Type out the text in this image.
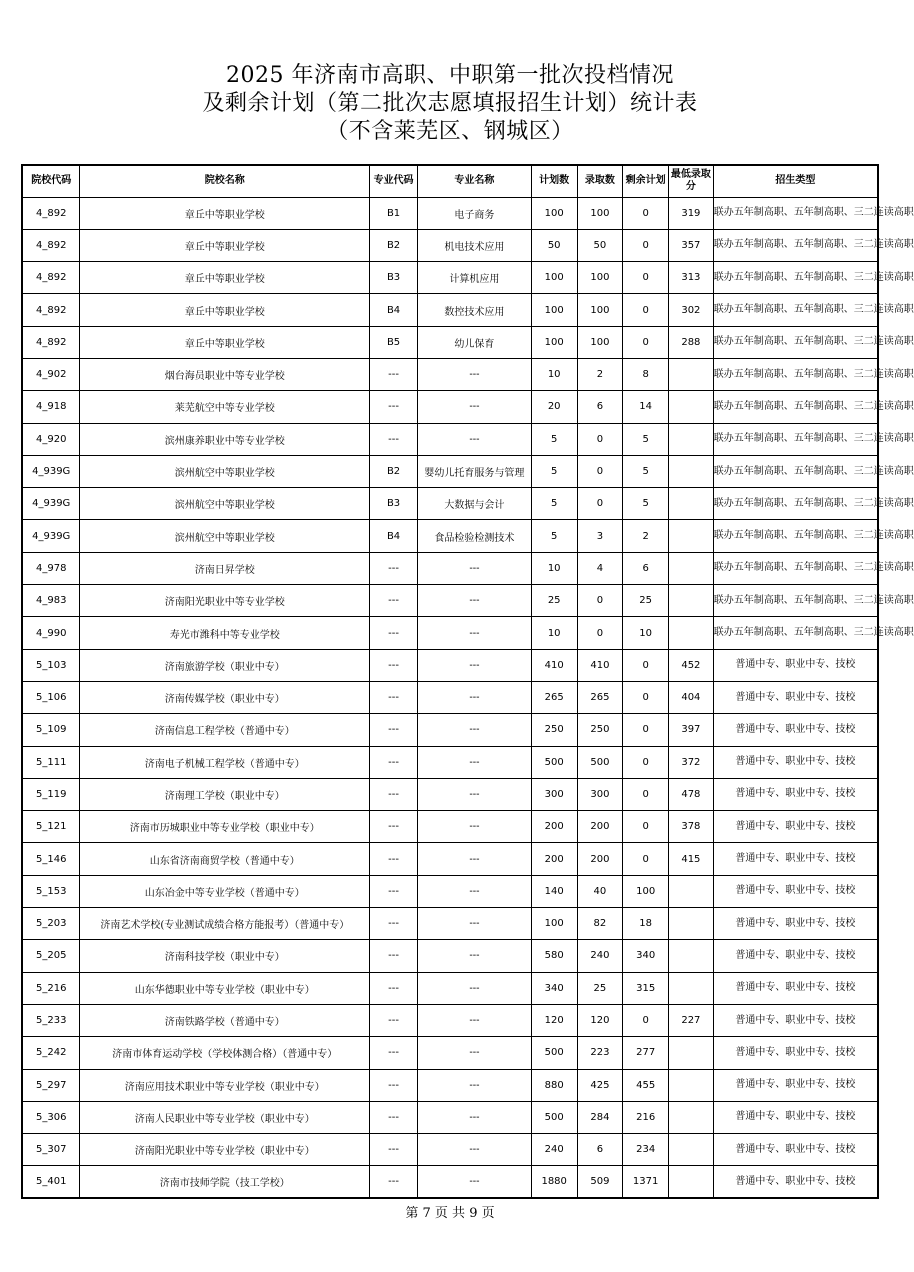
2025 年济南市高职、中职第一批次投档情况
及剩余计划（第二批次志愿填报招生计划）统计表
（不含莱芜区、钢城区）
院校代码	院校名称	专业代码	专业名称	计划数	录取数	剩余计划	最低录取分	招生类型
4_892	章丘中等职业学校	B1	电子商务	100	100	0	319	联办五年制高职、五年制高职、三二连读高职
4_892	章丘中等职业学校	B2	机电技术应用	50	50	0	357	联办五年制高职、五年制高职、三二连读高职
4_892	章丘中等职业学校	B3	计算机应用	100	100	0	313	联办五年制高职、五年制高职、三二连读高职
4_892	章丘中等职业学校	B4	数控技术应用	100	100	0	302	联办五年制高职、五年制高职、三二连读高职
4_892	章丘中等职业学校	B5	幼儿保育	100	100	0	288	联办五年制高职、五年制高职、三二连读高职
4_902	烟台海员职业中等专业学校	---	---	10	2	8		联办五年制高职、五年制高职、三二连读高职
4_918	莱芜航空中等专业学校	---	---	20	6	14		联办五年制高职、五年制高职、三二连读高职
4_920	滨州康养职业中等专业学校	---	---	5	0	5		联办五年制高职、五年制高职、三二连读高职
4_939G	滨州航空中等职业学校	B2	婴幼儿托育服务与管理	5	0	5		联办五年制高职、五年制高职、三二连读高职
4_939G	滨州航空中等职业学校	B3	大数据与会计	5	0	5		联办五年制高职、五年制高职、三二连读高职
4_939G	滨州航空中等职业学校	B4	食品检验检测技术	5	3	2		联办五年制高职、五年制高职、三二连读高职
4_978	济南日昇学校	---	---	10	4	6		联办五年制高职、五年制高职、三二连读高职
4_983	济南阳光职业中等专业学校	---	---	25	0	25		联办五年制高职、五年制高职、三二连读高职
4_990	寿光市潍科中等专业学校	---	---	10	0	10		联办五年制高职、五年制高职、三二连读高职
5_103	济南旅游学校（职业中专）	---	---	410	410	0	452	普通中专、职业中专、技校
5_106	济南传媒学校（职业中专）	---	---	265	265	0	404	普通中专、职业中专、技校
5_109	济南信息工程学校（普通中专）	---	---	250	250	0	397	普通中专、职业中专、技校
5_111	济南电子机械工程学校（普通中专）	---	---	500	500	0	372	普通中专、职业中专、技校
5_119	济南理工学校（职业中专）	---	---	300	300	0	478	普通中专、职业中专、技校
5_121	济南市历城职业中等专业学校（职业中专）	---	---	200	200	0	378	普通中专、职业中专、技校
5_146	山东省济南商贸学校（普通中专）	---	---	200	200	0	415	普通中专、职业中专、技校
5_153	山东冶金中等专业学校（普通中专）	---	---	140	40	100		普通中专、职业中专、技校
5_203	济南艺术学校(专业测试成绩合格方能报考）（普通中专）	---	---	100	82	18		普通中专、职业中专、技校
5_205	济南科技学校（职业中专）	---	---	580	240	340		普通中专、职业中专、技校
5_216	山东华德职业中等专业学校（职业中专）	---	---	340	25	315		普通中专、职业中专、技校
5_233	济南铁路学校（普通中专）	---	---	120	120	0	227	普通中专、职业中专、技校
5_242	济南市体育运动学校（学校体测合格）（普通中专）	---	---	500	223	277		普通中专、职业中专、技校
5_297	济南应用技术职业中等专业学校（职业中专）	---	---	880	425	455		普通中专、职业中专、技校
5_306	济南人民职业中等专业学校（职业中专）	---	---	500	284	216		普通中专、职业中专、技校
5_307	济南阳光职业中等专业学校（职业中专）	---	---	240	6	234		普通中专、职业中专、技校
5_401	济南市技师学院（技工学校）	---	---	1880	509	1371		普通中专、职业中专、技校
第 7 页 共 9 页
